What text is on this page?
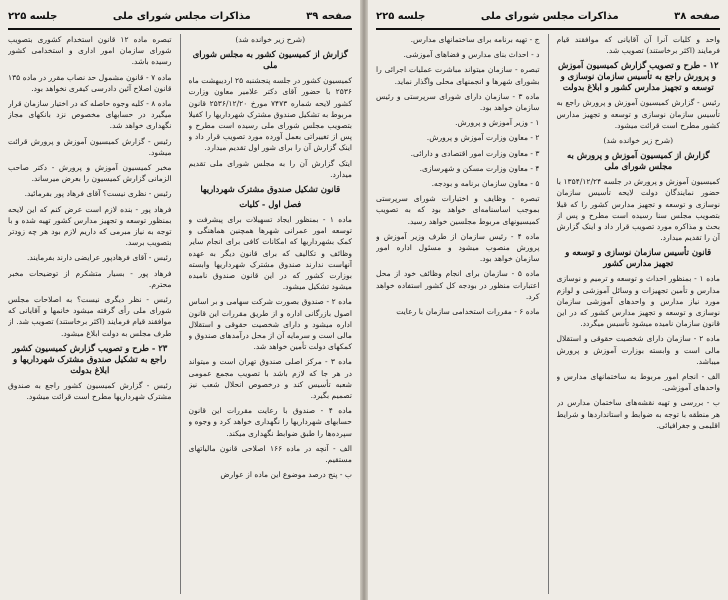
صفحه ۳۹
مذاکرات مجلس شورای ملی
جلسه ۲۲۵

(شرح زیر خوانده شد)

گزارش از کمیسیون کشور به مجلس شورای ملی

کمیسیون کشور در جلسه پنجشنبه ۲۵ اردیبهشت ماه ۲۵۳۶ با حضور آقای دکتر علامیر معاون وزارت کشور لایحه شماره ۷۴۷۳ مورخ ۲۵۳۶/۱۲/۲۰ قانون مربوط به تشکیل صندوق مشترک شهرداریها را کفیلا بتصویب مجلس شورای ملی رسیده است مطرح و پس از تغییراتی بعمل آورده مورد تصویب قرار داد و اینک گزارش آن را برای شور اول تقدیم میدارد.

ایتک گزارش آن را به مجلس شورای ملی تقدیم میدارد.

قانون تشکیل صندوق مشترک شهرداریها
فصل اول - کلیات

ماده ۱ - بمنظور ایجاد تسهیلات برای پیشرفت و توسعه امور عمرانی شهرها همچنین هماهنگی و کمک بشهرداریها که امکانات کافی برای انجام سایر وظائف و تکالیف که برای قانون دیگر به عهده آنهاست ندارند صندوق مشترک شهرداریها وابسته بوزارت کشور که در این قانون صندوق نامیده میشود تشکیل میشود.

ماده ۲ - صندوق بصورت شرکت سهامی و بر اساس اصول بازرگانی اداره و از طریق مقررات این قانون اداره میشود و دارای شخصیت حقوقی و استقلال مالی است و سرمایه آن از محل درآمدهای صندوق و کمکهای دولت تأمین خواهد شد.

ماده ۳ - مرکز اصلی صندوق تهران است و میتواند در هر جا که لازم باشد با تصویب مجمع عمومی شعبه تأسیس کند و درخصوص انحلال شعب نیز تصمیم بگیرد.

ماده ۴ - صندوق با رعایت مقررات این قانون حسابهای شهرداریها را نگهداری خواهد کرد و وجوه و سپرده‌ها را طبق ضوابط نگهداری میکند.

الف - آنچه در ماده ۱۶۶ اصلاحی قانون مالیاتهای مستقیم.

ب - پنج درصد موضوع این ماده از عوارض

تبصره ماده ۱۲ قانون استخدام کشوری بتصویب شورای سازمان امور اداری و استخدامی کشور رسیده باشد.

ماده ۷ - قانون مشمول حد نصاب مقرر در ماده ۱۳۵ قانون اصلاح آئین دادرسی کیفری نخواهد بود.

ماده ۸ - کلیه وجوه حاصله که در اختیار سازمان قرار میگیرد در حسابهای مخصوص نزد بانکهای مجاز نگهداری خواهد شد.

رئیس - گزارش کمیسیون آموزش و پرورش قرائت میشود.

مخبر کمیسیون آموزش و پرورش - دکتر صاحب الزمانی گزارش کمیسیون را بعرض میرساند.

رئیس - نظری نیست؟ آقای فرهاد پور بفرمائید.

فرهاد پور - بنده لازم است عرض کنم که این لایحه بمنظور توسعه و تجهیز مدارس کشور تهیه شده و با توجه به نیاز مبرمی که داریم لازم بود هر چه زودتر بتصویب برسد.

رئیس - آقای فرهادپور عرایضی دارند بفرمایند.

فرهاد پور - بسیار متشکرم از توضیحات مخبر محترم.

رئیس - نظر دیگری نیست؟ به اصلاحات مجلس شورای ملی رأی گرفته میشود خانمها و آقایانی که موافقند قیام فرمایند (اکثر برخاستند) تصویب شد. از طرف مجلس به دولت ابلاغ میشود.

۲۳ - طرح و تصویب گزارش کمیسیون کشور راجع به تشکیل صندوق مشترک شهرداریها و ابلاغ بدولت

رئیس - گزارش کمیسیون کشور راجع به صندوق مشترک شهرداریها مطرح است قرائت میشود.

صفحه ۳۸
مذاکرات مجلس شورای ملی
جلسه ۲۲۵

واحد و کلیات آنرا آن آقایانی که موافقند قیام فرمایند (اکثر برخاستند) تصویب شد.

۱۲ - طرح و تصویب گزارش کمیسیون آموزش و پرورش راجع به تأسیس سازمان نوسازی و توسعه و تجهیز مدارس کشور و ابلاغ بدولت

رئیس - گزارش کمیسیون آموزش و پرورش راجع به تأسیس سازمان نوسازی و توسعه و تجهیز مدارس کشور مطرح است قرائت میشود.

(شرح زیر خوانده شد)

گزارش از کمیسیون آموزش و پرورش به مجلس شورای ملی

کمیسیون آموزش و پرورش در جلسه ۱۳۵۴/۱۲/۲۴ با حضور نمایندگان دولت لایحه تأسیس سازمان نوسازی و توسعه و تجهیز مدارس کشور را که قبلا بتصویب مجلس سنا رسیده است مطرح و پس از بحث و مذاکره مورد تصویب قرار داد و اینک گزارش آن را تقدیم میدارد.

قانون تأسیس سازمان نوسازی و توسعه و تجهیز مدارس کشور

ماده ۱ - بمنظور احداث و توسعه و ترمیم و نوسازی مدارس و تأمین تجهیزات و وسائل آموزشی و لوازم مورد نیاز مدارس و واحدهای آموزشی سازمان نوسازی و توسعه و تجهیز مدارس کشور که در این قانون سازمان نامیده میشود تأسیس میگردد.

ماده ۲ - سازمان دارای شخصیت حقوقی و استقلال مالی است و وابسته بوزارت آموزش و پرورش میباشد.

الف - انجام امور مربوط به ساختمانهای مدارس و واحدهای آموزشی.

ب - بررسی و تهیه نقشه‌های ساختمان مدارس در هر منطقه با توجه به ضوابط و استانداردها و شرایط اقلیمی و جغرافیائی.

ج - تهیه برنامه برای ساختمانهای مدارس.

د - احداث بنای مدارس و فضاهای آموزشی.

تبصره - سازمان میتواند مباشرت عملیات اجرائی را بشورای شهرها و انجمنهای محلی واگذار نماید.

ماده ۳ - سازمان دارای شورای سرپرستی و رئیس سازمان خواهد بود.

۱ - وزیر آموزش و پرورش.

۲ - معاون وزارت آموزش و پرورش.

۳ - معاون وزارت امور اقتصادی و دارائی.

۴ - معاون وزارت مسکن و شهرسازی.

۵ - معاون سازمان برنامه و بودجه.

تبصره - وظایف و اختیارات شورای سرپرستی بموجب اساسنامه‌ای خواهد بود که به تصویب کمیسیونهای مربوط مجلسین خواهد رسید.

ماده ۴ - رئیس سازمان از طرف وزیر آموزش و پرورش منصوب میشود و مسئول اداره امور سازمان خواهد بود.

ماده ۵ - سازمان برای انجام وظائف خود از محل اعتبارات منظور در بودجه کل کشور استفاده خواهد کرد.

ماده ۶ - مقررات استخدامی سازمان با رعایت
